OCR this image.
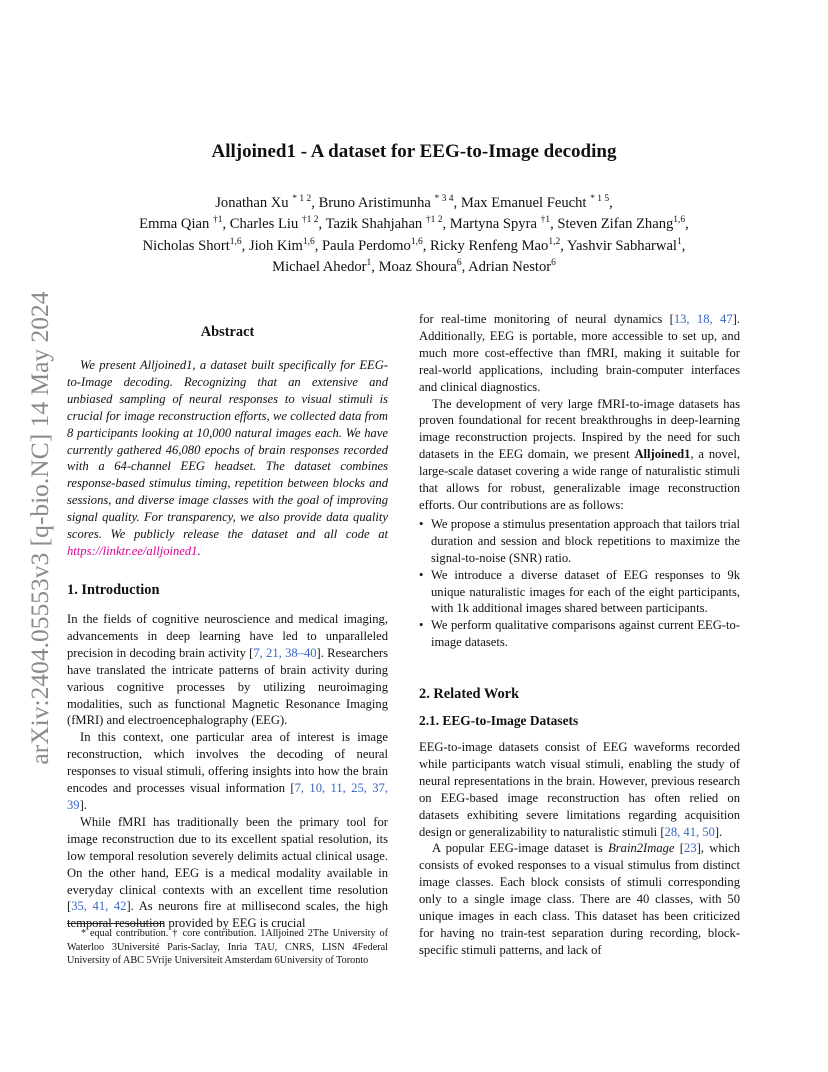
arXiv:2404.05553v3 [q-bio.NC] 14 May 2024
Alljoined1 - A dataset for EEG-to-Image decoding
Jonathan Xu $^{* 1 2}$, Bruno Aristimunha $^{* 3 4}$, Max Emanuel Feucht $^{* 1 5}$,
Emma Qian $^{\dagger 1}$, Charles Liu $^{\dagger 1 2}$, Tazik Shahjahan $^{\dagger 1 2}$, Martyna Spyra $^{\dagger 1}$, Steven Zifan Zhang$^{1,6}$,
Nicholas Short$^{1,6}$, Jioh Kim$^{1,6}$, Paula Perdomo$^{1,6}$, Ricky Renfeng Mao$^{1,2}$, Yashvir Sabharwal$^1$,
Michael Ahedor$^1$, Moaz Shoura$^6$, Adrian Nestor$^6$
Abstract

We present Alljoined1, a dataset built specifically for EEG-to-Image decoding. Recognizing that an extensive and unbiased sampling of neural responses to visual stimuli is crucial for image reconstruction efforts, we collected data from 8 participants looking at 10,000 natural images each. We have currently gathered 46,080 epochs of brain responses recorded with a 64-channel EEG headset. The dataset combines response-based stimulus timing, repetition between blocks and sessions, and diverse image classes with the goal of improving signal quality. For transparency, we also provide data quality scores. We publicly release the dataset and all code at https://linktr.ee/alljoined1.

1. Introduction

In the fields of cognitive neuroscience and medical imaging, advancements in deep learning have led to unparalleled precision in decoding brain activity [7, 21, 38–40]. Researchers have translated the intricate patterns of brain activity during various cognitive processes by utilizing neuroimaging modalities, such as functional Magnetic Resonance Imaging (fMRI) and electroencephalography (EEG).

In this context, one particular area of interest is image reconstruction, which involves the decoding of neural responses to visual stimuli, offering insights into how the brain encodes and processes visual information [7, 10, 11, 25, 37, 39].

While fMRI has traditionally been the primary tool for image reconstruction due to its excellent spatial resolution, its low temporal resolution severely delimits actual clinical usage. On the other hand, EEG is a medical modality available in everyday clinical contexts with an excellent time resolution [35, 41, 42]. As neurons fire at millisecond scales, the high temporal resolution provided by EEG is crucial

* equal contribution. † core contribution. 1Alljoined 2The University of Waterloo 3Université Paris-Saclay, Inria TAU, CNRS, LISN 4Federal University of ABC 5Vrije Universiteit Amsterdam 6University of Toronto

for real-time monitoring of neural dynamics [13, 18, 47]. Additionally, EEG is portable, more accessible to set up, and much more cost-effective than fMRI, making it suitable for real-world applications, including brain-computer interfaces and clinical diagnostics.

The development of very large fMRI-to-image datasets has proven foundational for recent breakthroughs in deep-learning image reconstruction projects. Inspired by the need for such datasets in the EEG domain, we present Alljoined1, a novel, large-scale dataset covering a wide range of naturalistic stimuli that allows for robust, generalizable image reconstruction efforts. Our contributions are as follows:

• We propose a stimulus presentation approach that tailors trial duration and session and block repetitions to maximize the signal-to-noise (SNR) ratio.
• We introduce a diverse dataset of EEG responses to 9k unique naturalistic images for each of the eight participants, with 1k additional images shared between participants.
• We perform qualitative comparisons against current EEG-to-image datasets.
2. Related Work
2.1. EEG-to-Image Datasets

EEG-to-image datasets consist of EEG waveforms recorded while participants watch visual stimuli, enabling the study of neural representations in the brain. However, previous research on EEG-based image reconstruction has often relied on datasets exhibiting severe limitations regarding acquisition design or generalizability to naturalistic stimuli [28, 41, 50].

A popular EEG-image dataset is Brain2Image [23], which consists of evoked responses to a visual stimulus from distinct image classes. Each block consists of stimuli corresponding only to a single image class. There are 40 classes, with 50 unique images in each class. This dataset has been criticized for having no train-test separation during recording, block-specific stimuli patterns, and lack of
